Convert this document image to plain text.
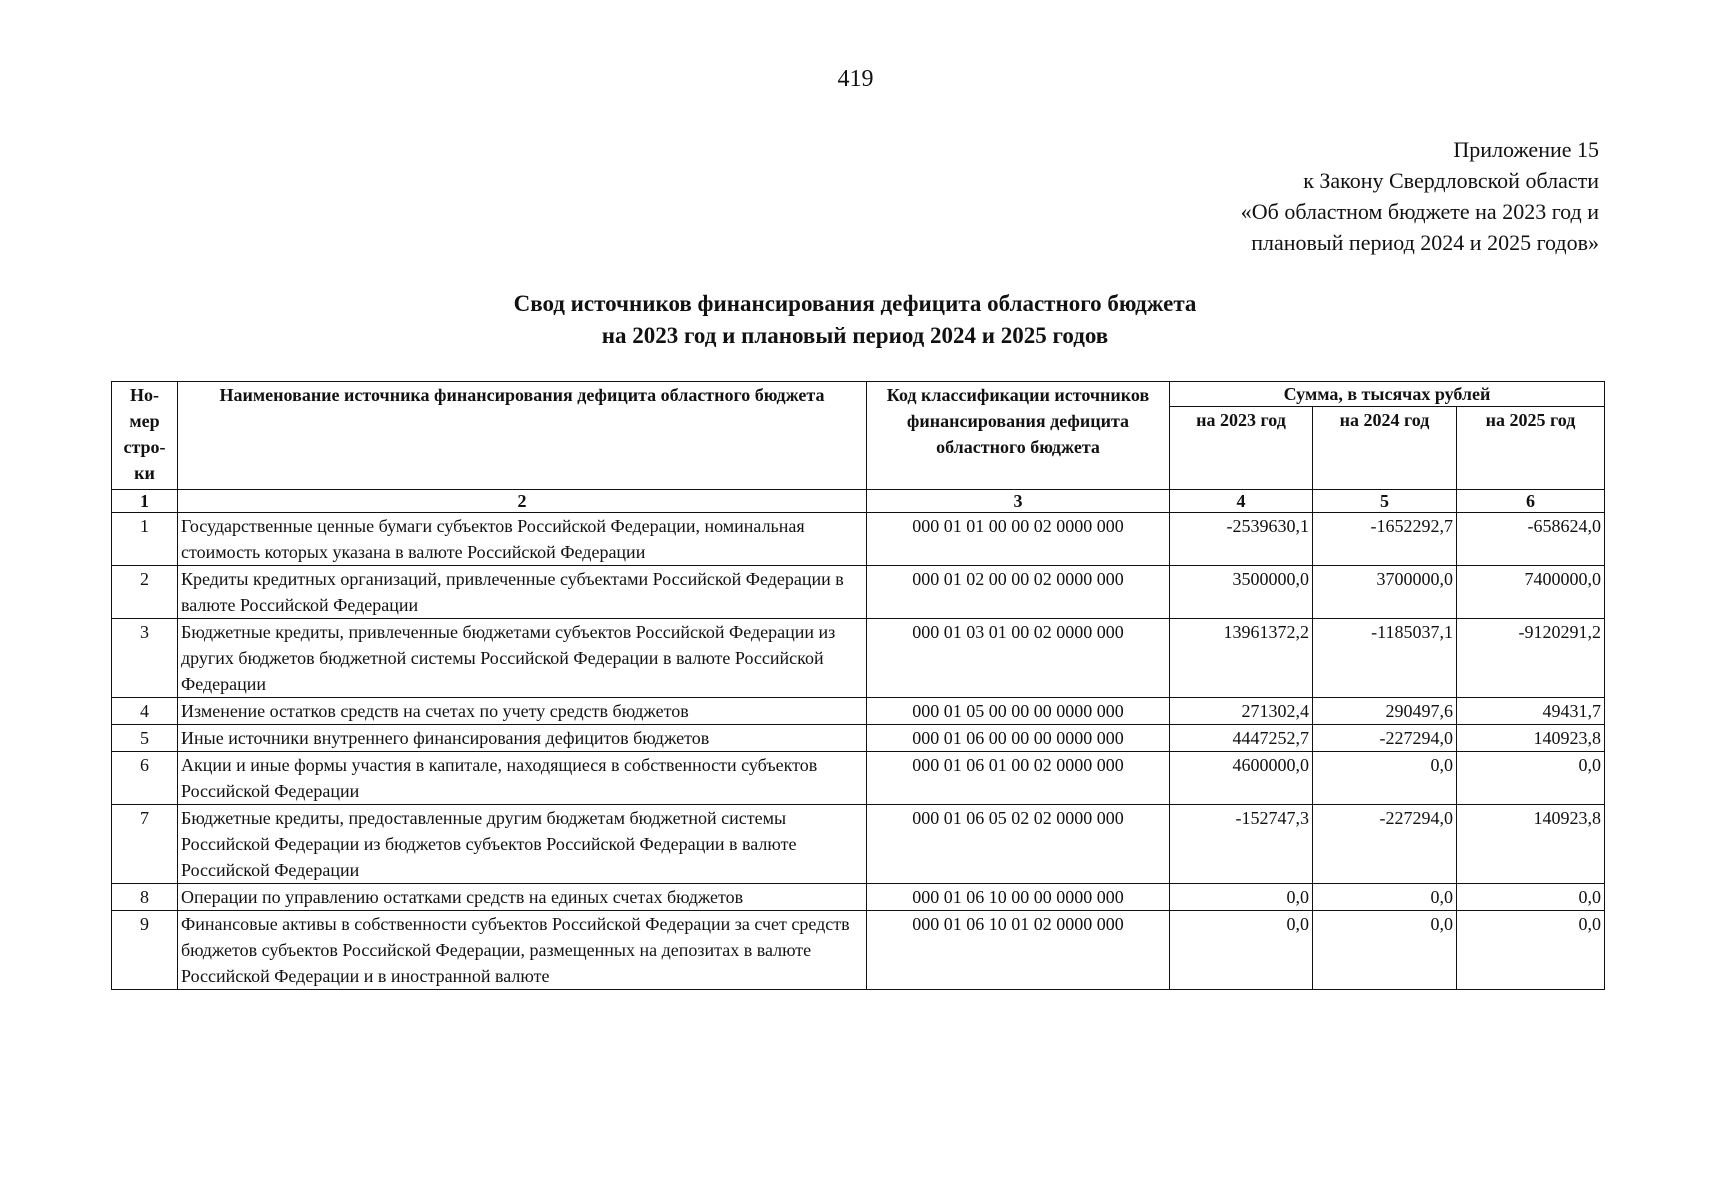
419
Приложение 15
к Закону Свердловской области
«Об областном бюджете на 2023 год и
плановый период 2024 и 2025 годов»
Свод источников финансирования дефицита областного бюджета
на 2023 год и плановый период 2024 и 2025 годов
Но-мер стро-ки	Наименование источника финансирования дефицита областного бюджета	Код классификации источников финансирования дефицита областного бюджета	Сумма, в тысячах рублей		
			на 2023 год	на 2024 год	на 2025 год
1	2	3	4	5	6
1	Государственные ценные бумаги субъектов Российской Федерации, номинальная стоимость которых указана в валюте Российской Федерации	000 01 01 00 00 02 0000 000	-2539630,1	-1652292,7	-658624,0
2	Кредиты кредитных организаций, привлеченные субъектами Российской Федерации в валюте Российской Федерации	000 01 02 00 00 02 0000 000	3500000,0	3700000,0	7400000,0
3	Бюджетные кредиты, привлеченные бюджетами субъектов Российской Федерации из других бюджетов бюджетной системы Российской Федерации в валюте Российской Федерации	000 01 03 01 00 02 0000 000	13961372,2	-1185037,1	-9120291,2
4	Изменение остатков средств на счетах по учету средств бюджетов	000 01 05 00 00 00 0000 000	271302,4	290497,6	49431,7
5	Иные источники внутреннего финансирования дефицитов бюджетов	000 01 06 00 00 00 0000 000	4447252,7	-227294,0	140923,8
6	Акции и иные формы участия в капитале, находящиеся в собственности субъектов Российской Федерации	000 01 06 01 00 02 0000 000	4600000,0	0,0	0,0
7	Бюджетные кредиты, предоставленные другим бюджетам бюджетной системы Российской Федерации из бюджетов субъектов Российской Федерации в валюте Российской Федерации	000 01 06 05 02 02 0000 000	-152747,3	-227294,0	140923,8
8	Операции по управлению остатками средств на единых счетах бюджетов	000 01 06 10 00 00 0000 000	0,0	0,0	0,0
9	Финансовые активы в собственности субъектов Российской Федерации за счет средств бюджетов субъектов Российской Федерации, размещенных на депозитах в валюте Российской Федерации и в иностранной валюте	000 01 06 10 01 02 0000 000	0,0	0,0	0,0
